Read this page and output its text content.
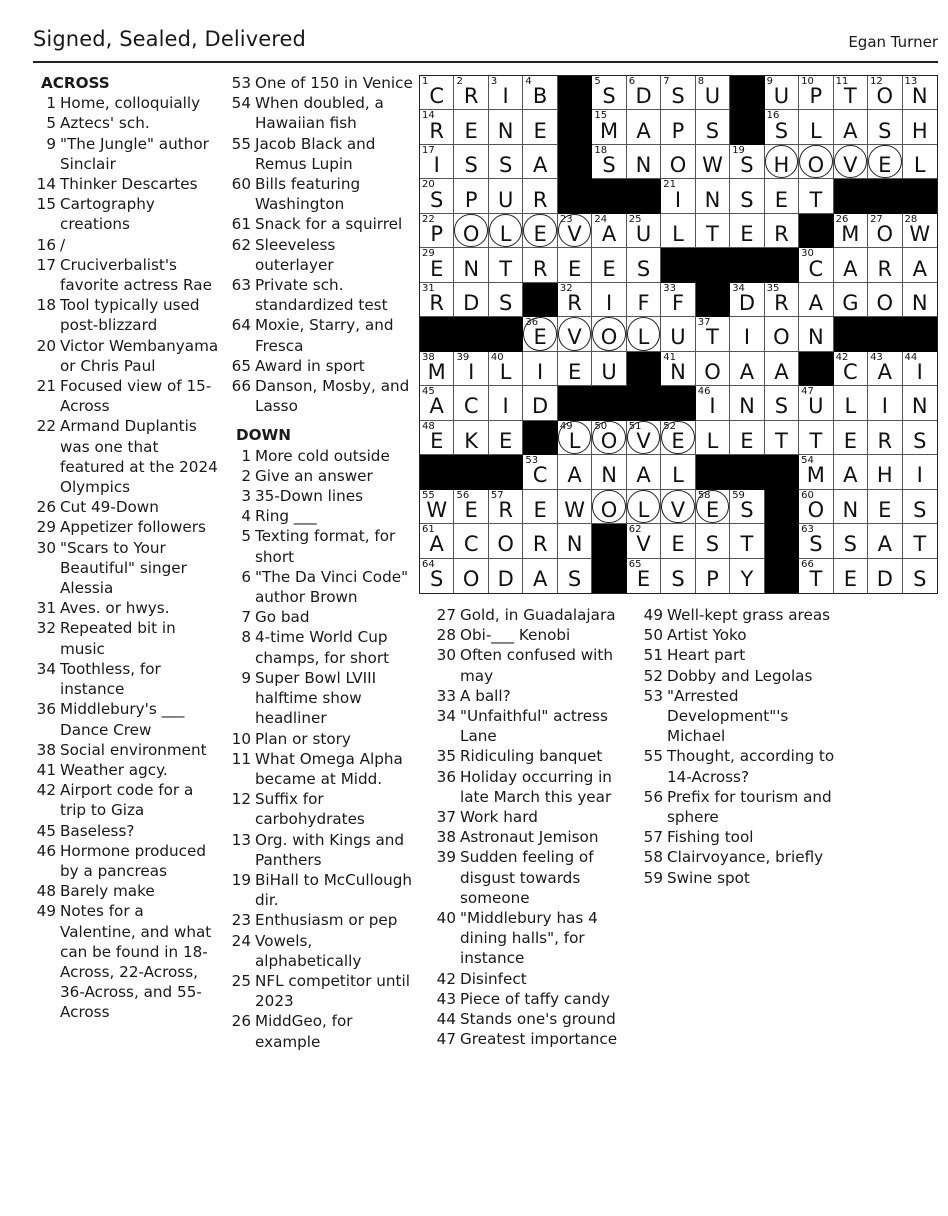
Signed, Sealed, Delivered	Egan Turner
ACROSS
1 Home, colloquially
5 Aztecs' sch.
9 "The Jungle" author Sinclair
14 Thinker Descartes
15 Cartography creations
16 /
17 Cruciverbalist's favorite actress Rae
18 Tool typically used post-blizzard
20 Victor Wembanyama or Chris Paul
21 Focused view of 15-Across
22 Armand Duplantis was one that featured at the 2024 Olympics
26 Cut 49-Down
29 Appetizer followers
30 "Scars to Your Beautiful" singer Alessia
31 Aves. or hwys.
32 Repeated bit in music
34 Toothless, for instance
36 Middlebury's ___ Dance Crew
38 Social environment
41 Weather agcy.
42 Airport code for a trip to Giza
45 Baseless?
46 Hormone produced by a pancreas
48 Barely make
49 Notes for a Valentine, and what can be found in 18-Across, 22-Across, 36-Across, and 55-Across
53 One of 150 in Venice
54 When doubled, a Hawaiian fish
55 Jacob Black and Remus Lupin
60 Bills featuring Washington
61 Snack for a squirrel
62 Sleeveless outerlayer
63 Private sch. standardized test
64 Moxie, Starry, and Fresca
65 Award in sport
66 Danson, Mosby, and Lasso
DOWN
1 More cold outside
2 Give an answer
3 35-Down lines
4 Ring ___
5 Texting format, for short
6 "The Da Vinci Code" author Brown
7 Go bad
8 4-time World Cup champs, for short
9 Super Bowl LVIII halftime show headliner
10 Plan or story
11 What Omega Alpha became at Midd.
12 Suffix for carbohydrates
13 Org. with Kings and Panthers
19 BiHall to McCullough dir.
23 Enthusiasm or pep
24 Vowels, alphabetically
25 NFL competitor until 2023
26 MiddGeo, for example
27 Gold, in Guadalajara
28 Obi-___ Kenobi
30 Often confused with may
33 A ball?
34 "Unfaithful" actress Lane
35 Ridiculing banquet
36 Holiday occurring in late March this year
37 Work hard
38 Astronaut Jemison
39 Sudden feeling of disgust towards someone
40 "Middlebury has 4 dining halls", for instance
42 Disinfect
43 Piece of taffy candy
44 Stands one's ground
47 Greatest importance
49 Well-kept grass areas
50 Artist Yoko
51 Heart part
52 Dobby and Legolas
53 "Arrested Development"'s Michael
55 Thought, according to 14-Across?
56 Prefix for tourism and sphere
57 Fishing tool
58 Clairvoyance, briefly
59 Swine spot
1
C
2
R
3
I
4
B
5
S
6
D
7
S
8
U
9
U
10
P
11
T
12
O
13
N
14
R E N E
15
M A P S
16
S L A S H
17
I S S A
18
S N O W
19
S H O V E L
20
S P U R
21
I N S E T
22
P O L E
23
V
24
A
25
U L T E R
26
M
27
O
28
W
29
E N T R E E S
30
C A R A
31
R D S
32
R I F
33
F
34
D
35
R A G O N
36
E V O L U
37
T I O N
38
M
39
I
40
L I E U
41
N O A A
42
C
43
A
44
I
45
A C I D
46
I N S
47
U L I N
48
E K E
49
L
50
O
51
V
52
E L E T T E R S
53
C A N A L
54
M A H I
55
W
56
E
57
R E W O L V
58
E
59
S
60
O N E S
61
A C O R N
62
V E S T
63
S S A T
64
S O D A S
65
E S P Y
66
T E D S
